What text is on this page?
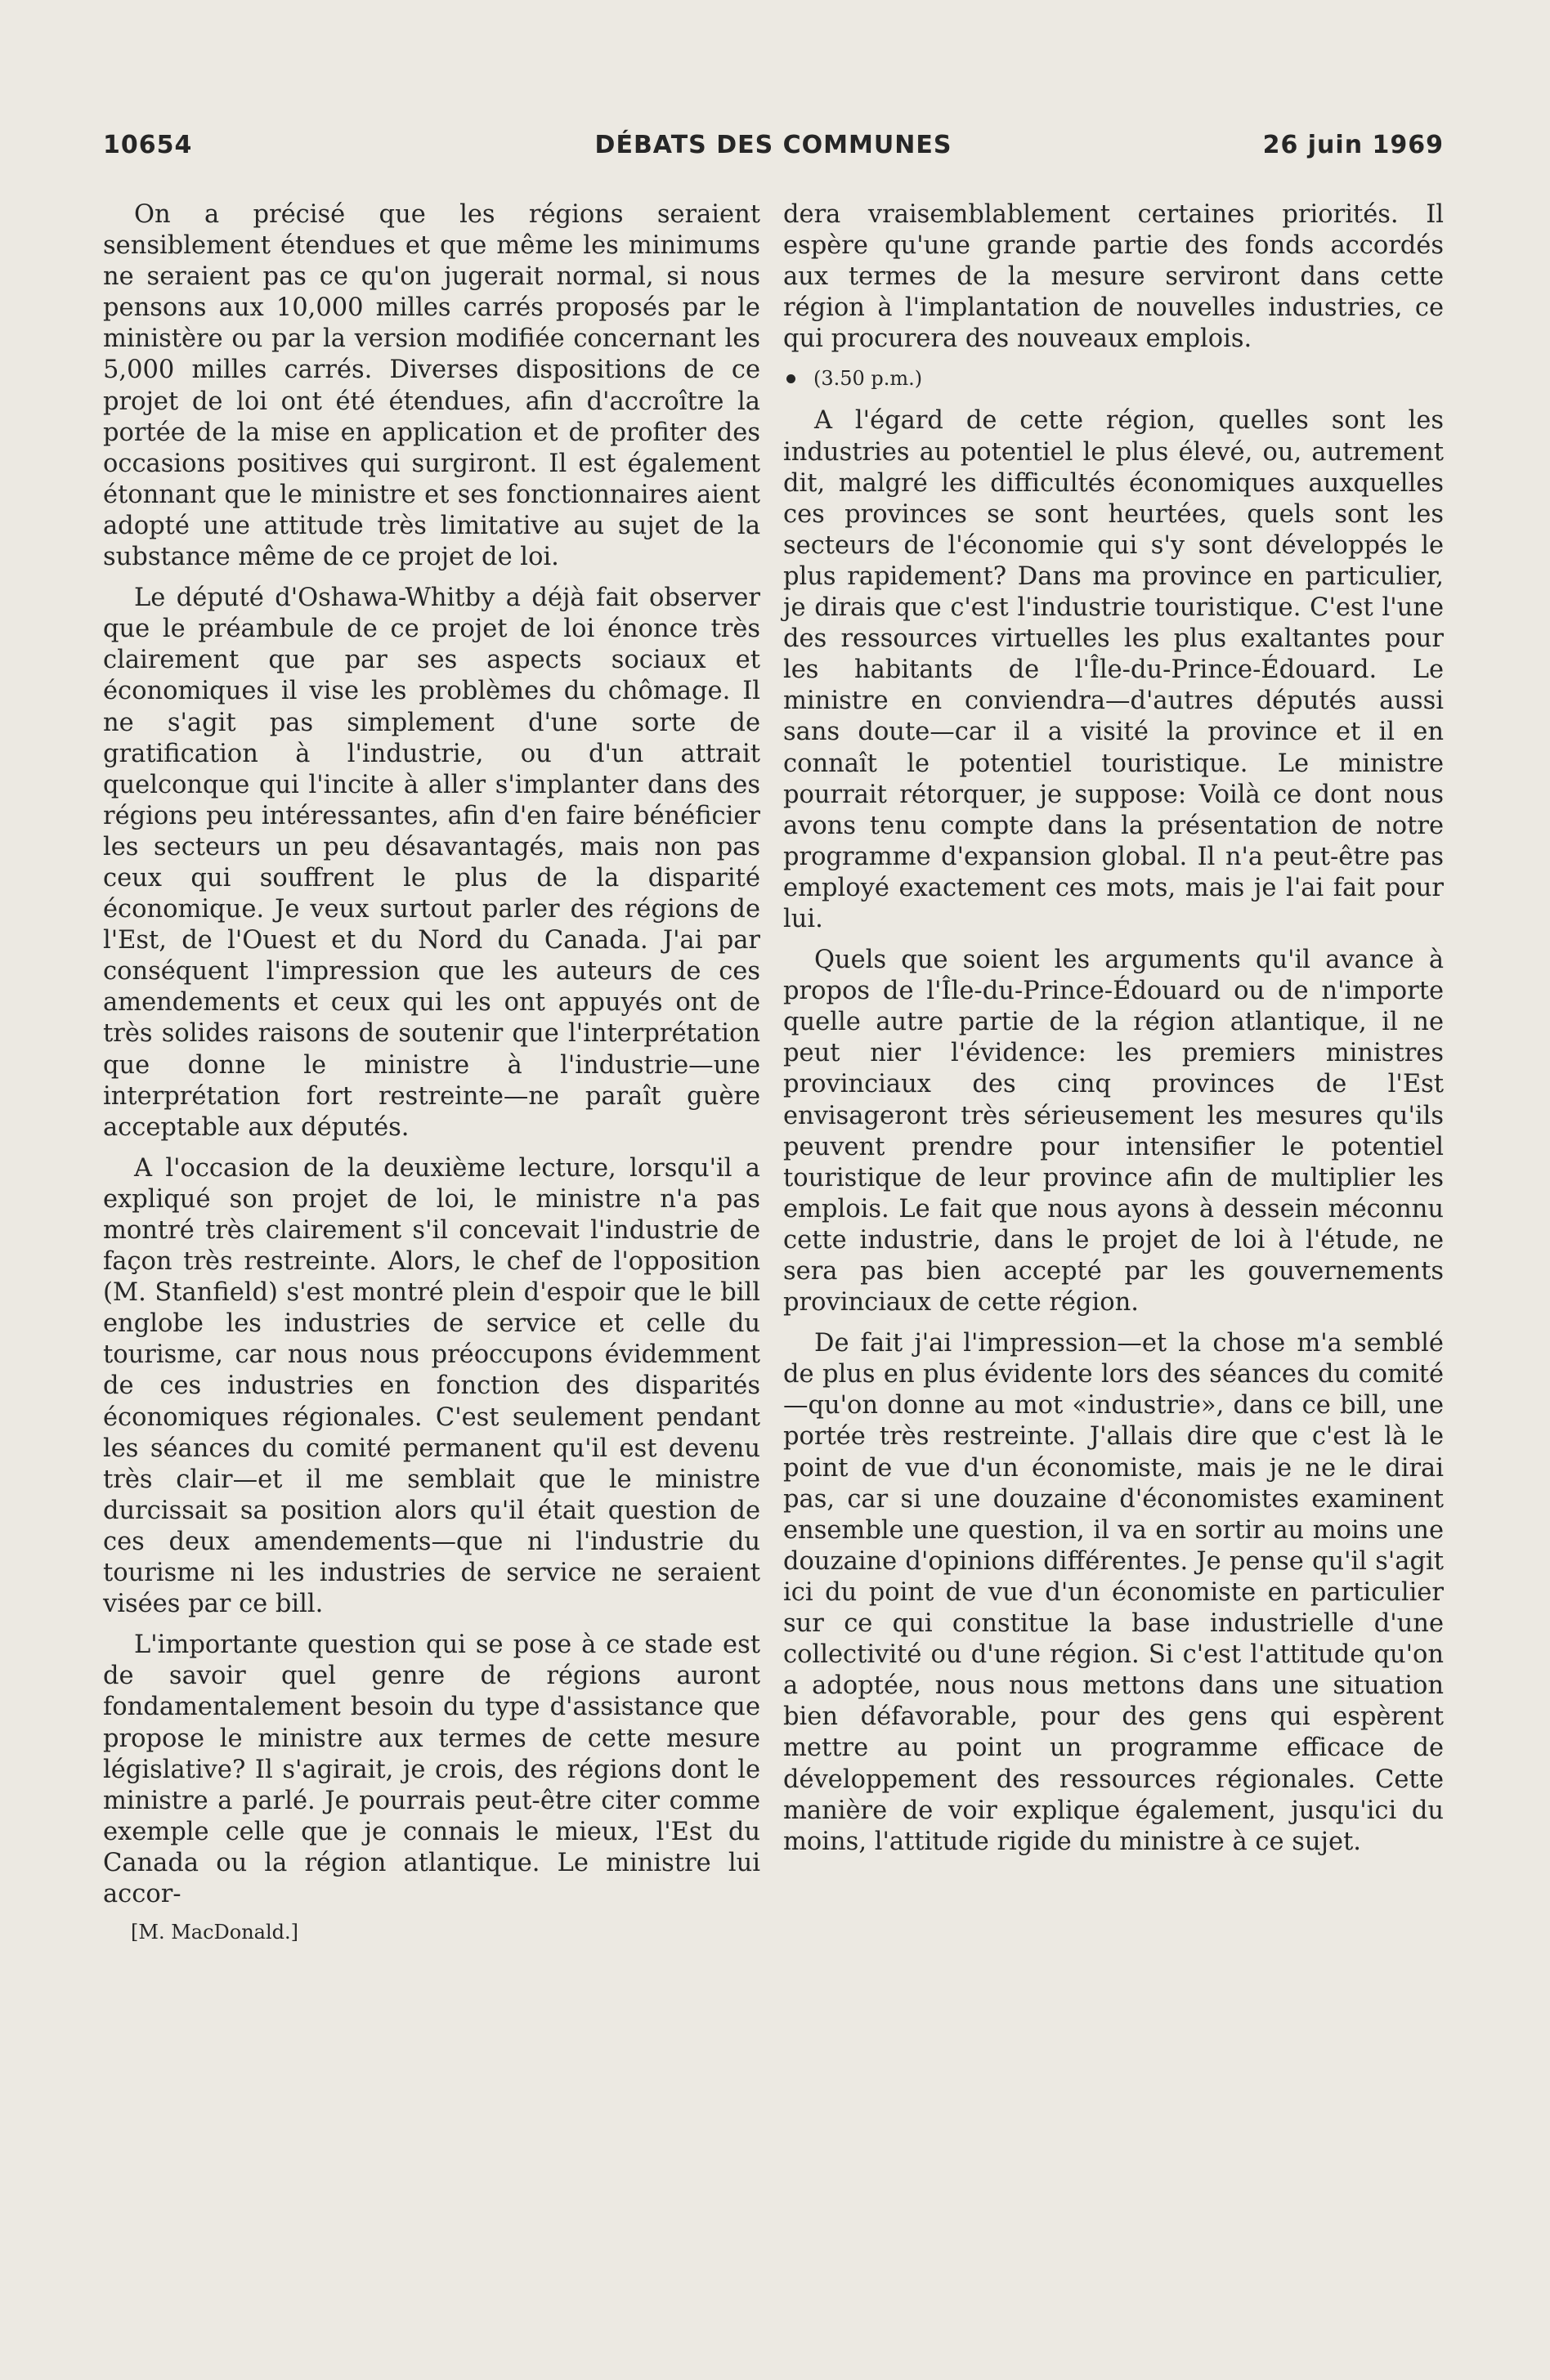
10654	DÉBATS DES COMMUNES	26 juin 1969

On a précisé que les régions seraient sensiblement étendues et que même les minimums ne seraient pas ce qu'on jugerait normal, si nous pensons aux 10,000 milles carrés proposés par le ministère ou par la version modifiée concernant les 5,000 milles carrés. Diverses dispositions de ce projet de loi ont été étendues, afin d'accroître la portée de la mise en application et de profiter des occasions positives qui surgiront. Il est également étonnant que le ministre et ses fonctionnaires aient adopté une attitude très limitative au sujet de la substance même de ce projet de loi.

Le député d'Oshawa-Whitby a déjà fait observer que le préambule de ce projet de loi énonce très clairement que par ses aspects sociaux et économiques il vise les problèmes du chômage. Il ne s'agit pas simplement d'une sorte de gratification à l'industrie, ou d'un attrait quelconque qui l'incite à aller s'implanter dans des régions peu intéressantes, afin d'en faire bénéficier les secteurs un peu désavantagés, mais non pas ceux qui souffrent le plus de la disparité économique. Je veux surtout parler des régions de l'Est, de l'Ouest et du Nord du Canada. J'ai par conséquent l'impression que les auteurs de ces amendements et ceux qui les ont appuyés ont de très solides raisons de soutenir que l'interprétation que donne le ministre à l'industrie—une interprétation fort restreinte—ne paraît guère acceptable aux députés.

A l'occasion de la deuxième lecture, lorsqu'il a expliqué son projet de loi, le ministre n'a pas montré très clairement s'il concevait l'industrie de façon très restreinte. Alors, le chef de l'opposition (M. Stanfield) s'est montré plein d'espoir que le bill englobe les industries de service et celle du tourisme, car nous nous préoccupons évidemment de ces industries en fonction des disparités économiques régionales. C'est seulement pendant les séances du comité permanent qu'il est devenu très clair—et il me semblait que le ministre durcissait sa position alors qu'il était question de ces deux amendements—que ni l'industrie du tourisme ni les industries de service ne seraient visées par ce bill.

L'importante question qui se pose à ce stade est de savoir quel genre de régions auront fondamentalement besoin du type d'assistance que propose le ministre aux termes de cette mesure législative? Il s'agirait, je crois, des régions dont le ministre a parlé. Je pourrais peut-être citer comme exemple celle que je connais le mieux, l'Est du Canada ou la région atlantique. Le ministre lui accor-

[M. MacDonald.]

dera vraisemblablement certaines priorités. Il espère qu'une grande partie des fonds accordés aux termes de la mesure serviront dans cette région à l'implantation de nouvelles industries, ce qui procurera des nouveaux emplois.

(3.50 p.m.)

A l'égard de cette région, quelles sont les industries au potentiel le plus élevé, ou, autrement dit, malgré les difficultés économiques auxquelles ces provinces se sont heurtées, quels sont les secteurs de l'économie qui s'y sont développés le plus rapidement? Dans ma province en particulier, je dirais que c'est l'industrie touristique. C'est l'une des ressources virtuelles les plus exaltantes pour les habitants de l'Île-du-Prince-Édouard. Le ministre en conviendra—d'autres députés aussi sans doute—car il a visité la province et il en connaît le potentiel touristique. Le ministre pourrait rétorquer, je suppose: Voilà ce dont nous avons tenu compte dans la présentation de notre programme d'expansion global. Il n'a peut-être pas employé exactement ces mots, mais je l'ai fait pour lui.

Quels que soient les arguments qu'il avance à propos de l'Île-du-Prince-Édouard ou de n'importe quelle autre partie de la région atlantique, il ne peut nier l'évidence: les premiers ministres provinciaux des cinq provinces de l'Est envisageront très sérieusement les mesures qu'ils peuvent prendre pour intensifier le potentiel touristique de leur province afin de multiplier les emplois. Le fait que nous ayons à dessein méconnu cette industrie, dans le projet de loi à l'étude, ne sera pas bien accepté par les gouvernements provinciaux de cette région.

De fait j'ai l'impression—et la chose m'a semblé de plus en plus évidente lors des séances du comité—qu'on donne au mot «industrie», dans ce bill, une portée très restreinte. J'allais dire que c'est là le point de vue d'un économiste, mais je ne le dirai pas, car si une douzaine d'économistes examinent ensemble une question, il va en sortir au moins une douzaine d'opinions différentes. Je pense qu'il s'agit ici du point de vue d'un économiste en particulier sur ce qui constitue la base industrielle d'une collectivité ou d'une région. Si c'est l'attitude qu'on a adoptée, nous nous mettons dans une situation bien défavorable, pour des gens qui espèrent mettre au point un programme efficace de développement des ressources régionales. Cette manière de voir explique également, jusqu'ici du moins, l'attitude rigide du ministre à ce sujet.
